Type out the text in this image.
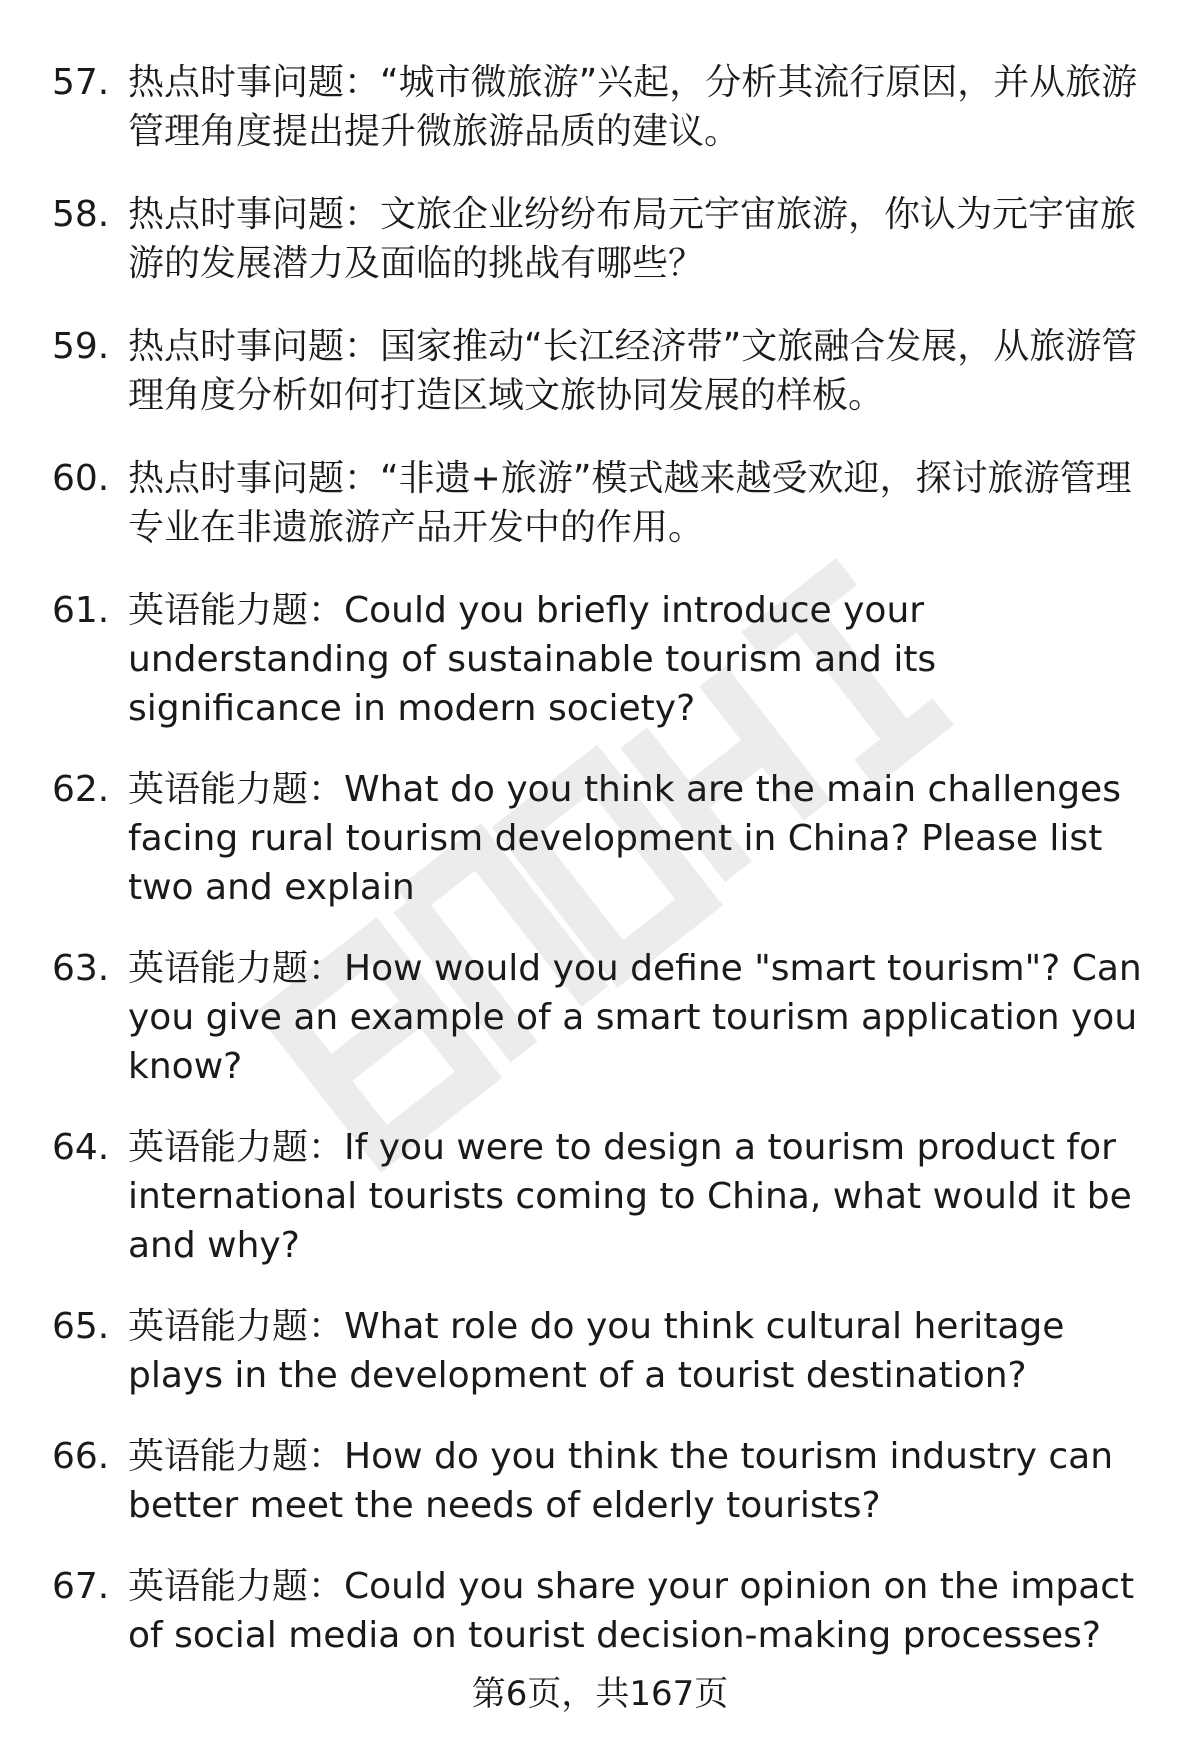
57. 热点时事问题：“城市微旅游”兴起，分析其流行原因，并从旅游管理角度提出提升微旅游品质的建议。
58. 热点时事问题：文旅企业纷纷布局元宇宙旅游，你认为元宇宙旅游的发展潜力及面临的挑战有哪些？
59. 热点时事问题：国家推动“长江经济带”文旅融合发展，从旅游管理角度分析如何打造区域文旅协同发展的样板。
60. 热点时事问题：“非遗+旅游”模式越来越受欢迎，探讨旅游管理专业在非遗旅游产品开发中的作用。
61. 英语能力题：Could you briefly introduce your understanding of sustainable tourism and its significance in modern society?
62. 英语能力题：What do you think are the main challenges facing rural tourism development in China? Please list two and explain
63. 英语能力题：How would you define "smart tourism"? Can you give an example of a smart tourism application you know?
64. 英语能力题：If you were to design a tourism product for international tourists coming to China, what would it be and why?
65. 英语能力题：What role do you think cultural heritage plays in the development of a tourist destination?
66. 英语能力题：How do you think the tourism industry can better meet the needs of elderly tourists?
67. 英语能力题：Could you share your opinion on the impact of social media on tourist decision-making processes?
第6页，共167页
